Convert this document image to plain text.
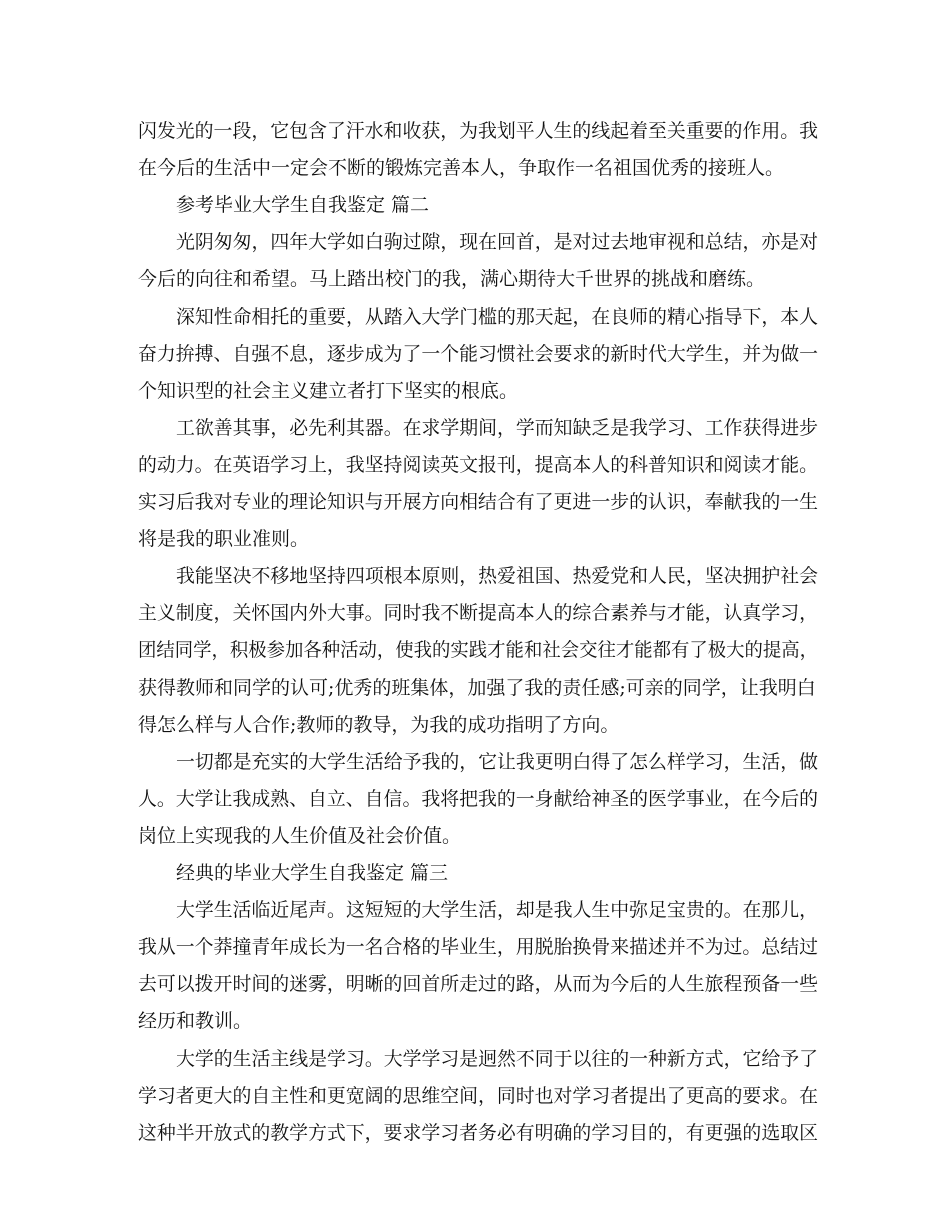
闪发光的一段，它包含了汗水和收获，为我划平人生的线起着至关重要的作用。我
在今后的生活中一定会不断的锻炼完善本人，争取作一名祖国优秀的接班人。
参考毕业大学生自我鉴定 篇二
光阴匆匆，四年大学如白驹过隙，现在回首，是对过去地审视和总结，亦是对
今后的向往和希望。马上踏出校门的我，满心期待大千世界的挑战和磨练。
深知性命相托的重要，从踏入大学门槛的那天起，在良师的精心指导下，本人
奋力拚搏、自强不息，逐步成为了一个能习惯社会要求的新时代大学生，并为做一
个知识型的社会主义建立者打下坚实的根底。
工欲善其事，必先利其器。在求学期间，学而知缺乏是我学习、工作获得进步
的动力。在英语学习上，我坚持阅读英文报刊，提高本人的科普知识和阅读才能。
实习后我对专业的理论知识与开展方向相结合有了更进一步的认识，奉献我的一生
将是我的职业准则。
我能坚决不移地坚持四项根本原则，热爱祖国、热爱党和人民，坚决拥护社会
主义制度，关怀国内外大事。同时我不断提高本人的综合素养与才能，认真学习，
团结同学，积极参加各种活动，使我的实践才能和社会交往才能都有了极大的提高，
获得教师和同学的认可;优秀的班集体，加强了我的责任感;可亲的同学，让我明白
得怎么样与人合作;教师的教导，为我的成功指明了方向。
一切都是充实的大学生活给予我的，它让我更明白得了怎么样学习，生活，做
人。大学让我成熟、自立、自信。我将把我的一身献给神圣的医学事业，在今后的
岗位上实现我的人生价值及社会价值。
经典的毕业大学生自我鉴定 篇三
大学生活临近尾声。这短短的大学生活，却是我人生中弥足宝贵的。在那儿，
我从一个莽撞青年成长为一名合格的毕业生，用脱胎换骨来描述并不为过。总结过
去可以拨开时间的迷雾，明晰的回首所走过的路，从而为今后的人生旅程预备一些
经历和教训。
大学的生活主线是学习。大学学习是迥然不同于以往的一种新方式，它给予了
学习者更大的自主性和更宽阔的思维空间，同时也对学习者提出了更高的要求。在
这种半开放式的教学方式下，要求学习者务必有明确的学习目的，有更强的选取区
